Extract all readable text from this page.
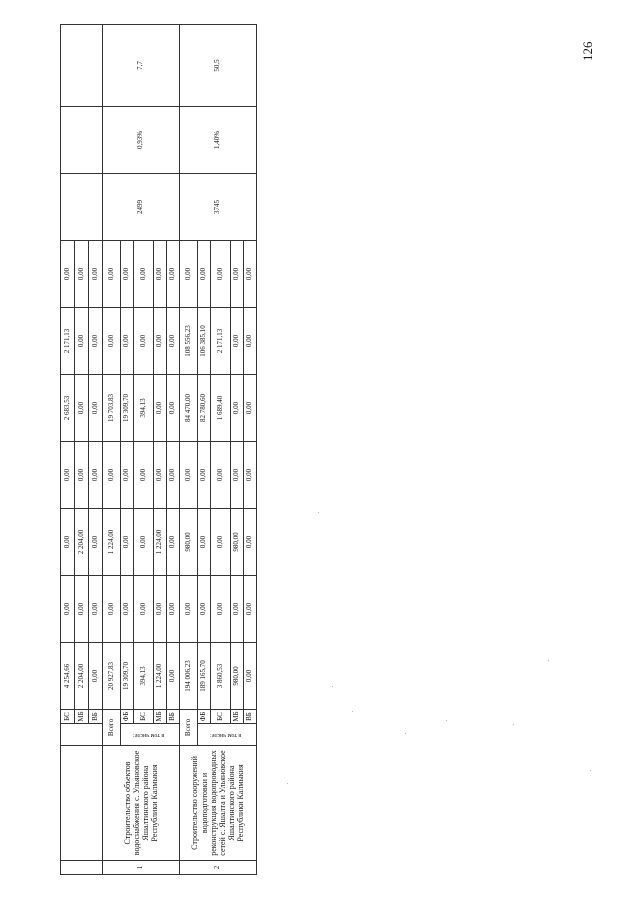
126
			БС	4 254,66	0,00	0,00	0,00	2 683,53	2 171,13	0,00			
			МБ	2 204,00	0,00	2 204,00	0,00	0,00	0,00	0,00			
			ВБ	0,00	0,00	0,00	0,00	0,00	0,00	0,00			
1	Строительство объектов водоснабжения с. Ульяновское Яшалтинского района Республики Калмыкия	Всего		20 927,83	0,00	1 224,00	0,00	19 703,83	0,00	0,00	2499	0,93%	7,7
		в том числе:	ФБ	19 309,70	0,00	0,00	0,00	19 309,70	0,00	0,00			
			БС	394,13	0,00	0,00	0,00	394,13	0,00	0,00			
			МБ	1 224,00	0,00	1 224,00	0,00	0,00	0,00	0,00			
			ВБ	0,00	0,00	0,00	0,00	0,00	0,00	0,00			
2	Строительство сооружений водоподготовки и реконструкция водопроводных сетей с. Яшалта и Ульяновское Яшалтинского района Республики Калмыкия	Всего		194 006,23	0,00	980,00	0,00	84 470,00	108 556,23	0,00	3745	1,40%	50,5
		в том числе:	ФБ	189 165,70	0,00	0,00	0,00	82 780,60	106 385,10	0,00			
			БС	3 860,53	0,00	0,00	0,00	1 689,40	2 171,13	0,00			
			МБ	980,00	0,00	980,00	0,00	0,00	0,00	0,00			
			ВБ	0,00	0,00	0,00	0,00	0,00	0,00	0,00			
